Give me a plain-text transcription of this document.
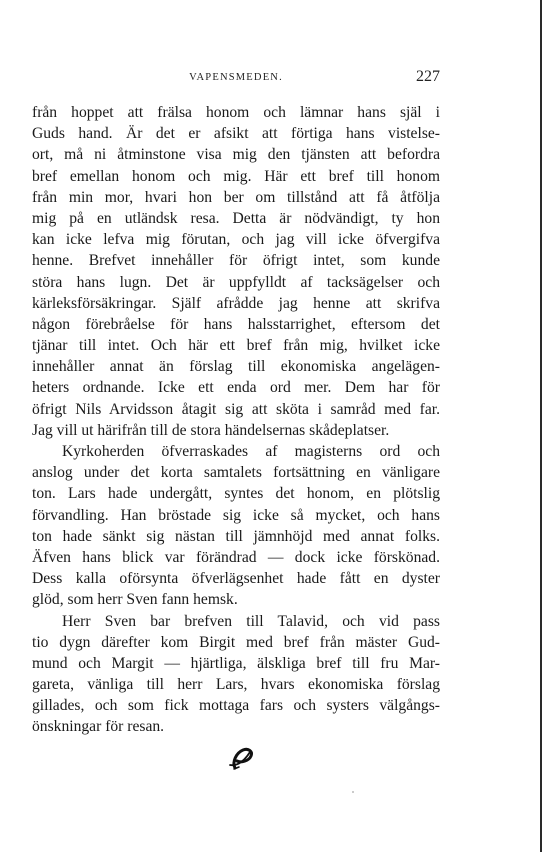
VAPENSMEDEN.	227
från hoppet att frälsa honom och lämnar hans själ i
Guds hand. Är det er afsikt att förtiga hans vistelse-
ort, må ni åtminstone visa mig den tjänsten att befordra
bref emellan honom och mig. Här ett bref till honom
från min mor, hvari hon ber om tillstånd att få åtfölja
mig på en utländsk resa. Detta är nödvändigt, ty hon
kan icke lefva mig förutan, och jag vill icke öfvergifva
henne. Brefvet innehåller för öfrigt intet, som kunde
störa hans lugn. Det är uppfylldt af tacksägelser och
kärleksförsäkringar. Själf afrådde jag henne att skrifva
någon förebråelse för hans halsstarrighet, eftersom det
tjänar till intet. Och här ett bref från mig, hvilket icke
innehåller annat än förslag till ekonomiska angelägen-
heters ordnande. Icke ett enda ord mer. Dem har för
öfrigt Nils Arvidsson åtagit sig att sköta i samråd med far.
Jag vill ut härifrån till de stora händelsernas skådeplatser.
Kyrkoherden öfverraskades af magisterns ord och
anslog under det korta samtalets fortsättning en vänligare
ton. Lars hade undergått, syntes det honom, en plötslig
förvandling. Han bröstade sig icke så mycket, och hans
ton hade sänkt sig nästan till jämnhöjd med annat folks.
Äfven hans blick var förändrad — dock icke förskönad.
Dess kalla oförsynta öfverlägsenhet hade fått en dyster
glöd, som herr Sven fann hemsk.
Herr Sven bar brefven till Talavid, och vid pass
tio dygn därefter kom Birgit med bref från mäster Gud-
mund och Margit — hjärtliga, älskliga bref till fru Mar-
gareta, vänliga till herr Lars, hvars ekonomiska förslag
gillades, och som fick mottaga fars och systers välgångs-
önskningar för resan.
